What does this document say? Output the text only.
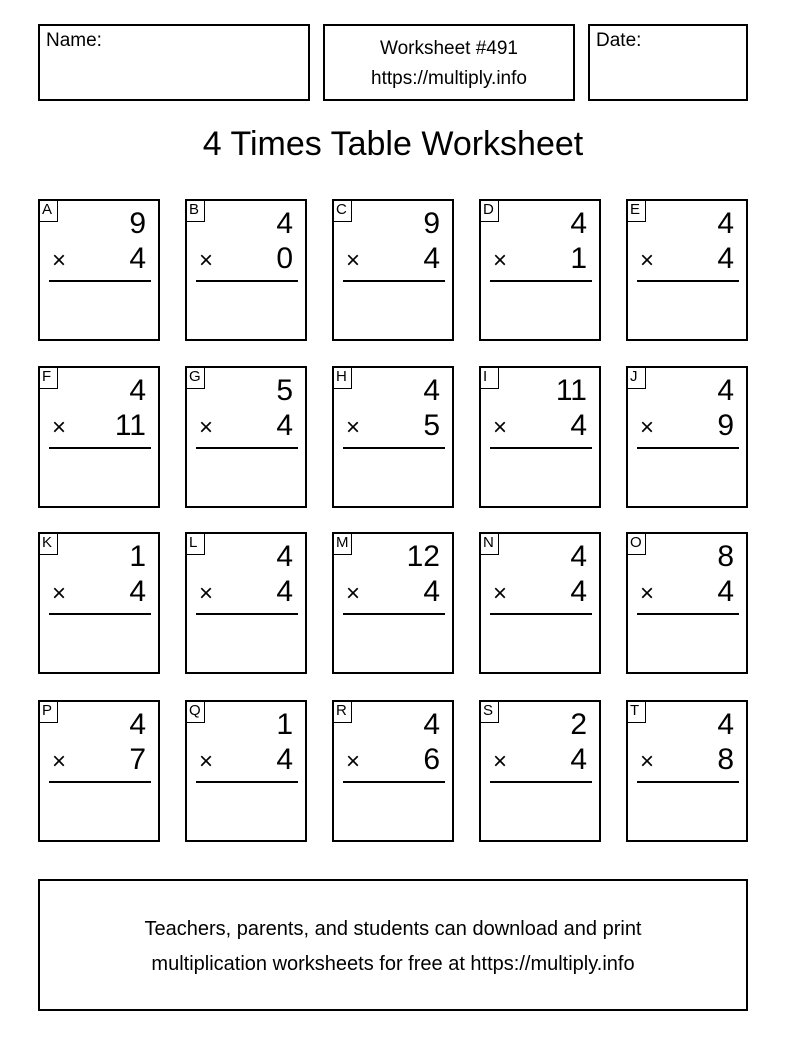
Name:	Worksheet #491
https://multiply.info
Date:
4 Times Table Worksheet
A	9
× 4
B	4
× 0
C	9
× 4
D	4
× 1
E	4
× 4
F	4
× 11
G	5
× 4
H	4
× 5
I	11
× 4
J	4
× 9
K	1
× 4
L	4
× 4
M 12
× 4
N	4
× 4
O	8
× 4
P	4
× 7
Q	1
× 4
R	4
× 6
S	2
× 4
T	4
× 8
Teachers, parents, and students can download and print
multiplication worksheets for free at https://multiply.info
